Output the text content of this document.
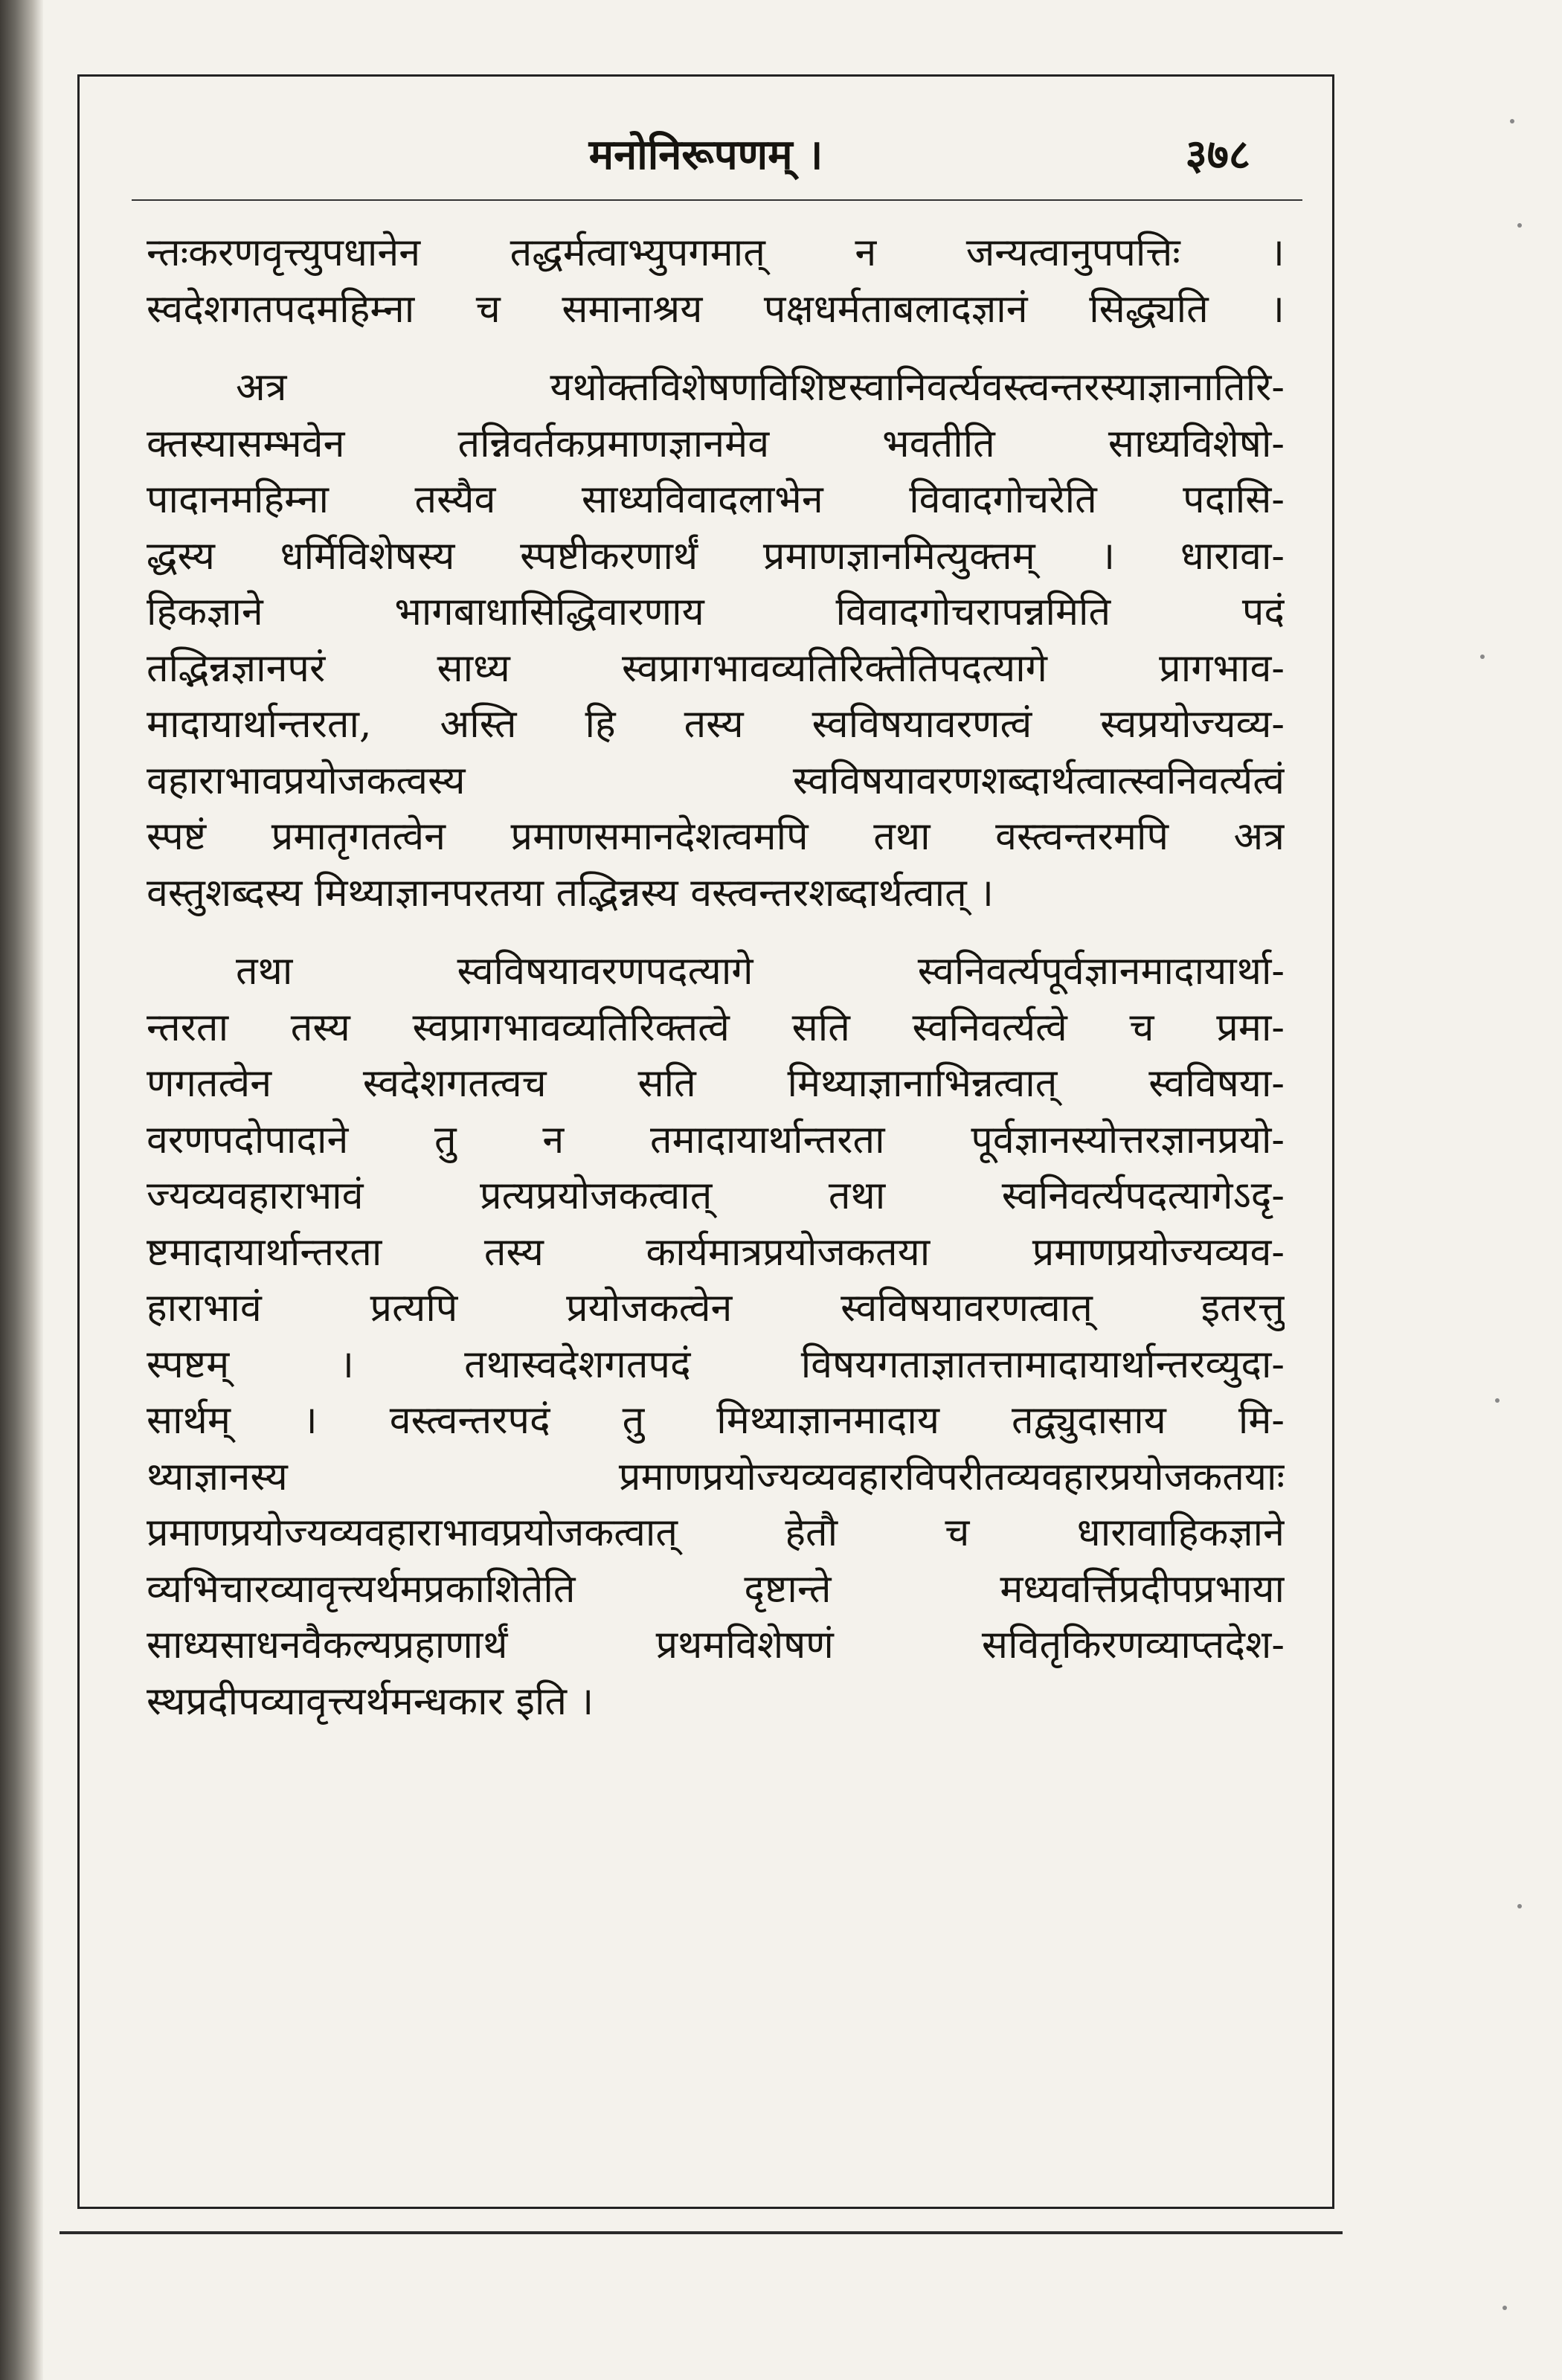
मनोनिरूपणम् ।	३७८

न्तःकरणवृत्त्युपधानेन तद्धर्मत्वाभ्युपगमात् न जन्यत्वानुपपत्तिः ।
स्वदेशगतपदमहिम्ना च समानाश्रय पक्षधर्मताबलादज्ञानं सिद्ध्यति ।

अत्र यथोक्तविशेषणविशिष्टस्वानिवर्त्यवस्त्वन्तरस्याज्ञानातिरि-
क्तस्यासम्भवेन तन्निवर्तकप्रमाणज्ञानमेव भवतीति साध्यविशेषो-
पादानमहिम्ना तस्यैव साध्यविवादलाभेन विवादगोचरेति पदासि-
द्धस्य धर्मिविशेषस्य स्पष्टीकरणार्थं प्रमाणज्ञानमित्युक्तम् । धारावा-
हिकज्ञाने भागबाधासिद्धिवारणाय विवादगोचरापन्नमिति पदं
तद्भिन्नज्ञानपरं साध्य स्वप्रागभावव्यतिरिक्तेतिपदत्यागे प्रागभाव-
मादायार्थान्तरता, अस्ति हि तस्य स्वविषयावरणत्वं स्वप्रयोज्यव्य-
वहाराभावप्रयोजकत्वस्य स्वविषयावरणशब्दार्थत्वात्स्वनिवर्त्यत्वं
स्पष्टं प्रमातृगतत्वेन प्रमाणसमानदेशत्वमपि तथा वस्त्वन्तरमपि अत्र
वस्तुशब्दस्य मिथ्याज्ञानपरतया तद्भिन्नस्य वस्त्वन्तरशब्दार्थत्वात् ।

तथा स्वविषयावरणपदत्यागे स्वनिवर्त्यपूर्वज्ञानमादायार्था-
न्तरता तस्य स्वप्रागभावव्यतिरिक्तत्वे सति स्वनिवर्त्यत्वे च प्रमा-
णगतत्वेन स्वदेशगतत्वच सति मिथ्याज्ञानाभिन्नत्वात् स्वविषया-
वरणपदोपादाने तु न तमादायार्थान्तरता पूर्वज्ञानस्योत्तरज्ञानप्रयो-
ज्यव्यवहाराभावं प्रत्यप्रयोजकत्वात् तथा स्वनिवर्त्यपदत्यागेऽदृ-
ष्टमादायार्थान्तरता तस्य कार्यमात्रप्रयोजकतया प्रमाणप्रयोज्यव्यव-
हाराभावं प्रत्यपि प्रयोजकत्वेन स्वविषयावरणत्वात् इतरत्तु
स्पष्टम् । तथास्वदेशगतपदं विषयगताज्ञातत्तामादायार्थान्तरव्युदा-
सार्थम् । वस्त्वन्तरपदं तु मिथ्याज्ञानमादाय तद्व्युदासाय मि-
थ्याज्ञानस्य प्रमाणप्रयोज्यव्यवहारविपरीतव्यवहारप्रयोजकतयाः
प्रमाणप्रयोज्यव्यवहाराभावप्रयोजकत्वात् हेतौ च धारावाहिकज्ञाने
व्यभिचारव्यावृत्त्यर्थमप्रकाशितेति दृष्टान्ते मध्यवर्त्तिप्रदीपप्रभाया
साध्यसाधनवैकल्यप्रहाणार्थं प्रथमविशेषणं सवितृकिरणव्याप्तदेश-
स्थप्रदीपव्यावृत्त्यर्थमन्धकार इति ।
